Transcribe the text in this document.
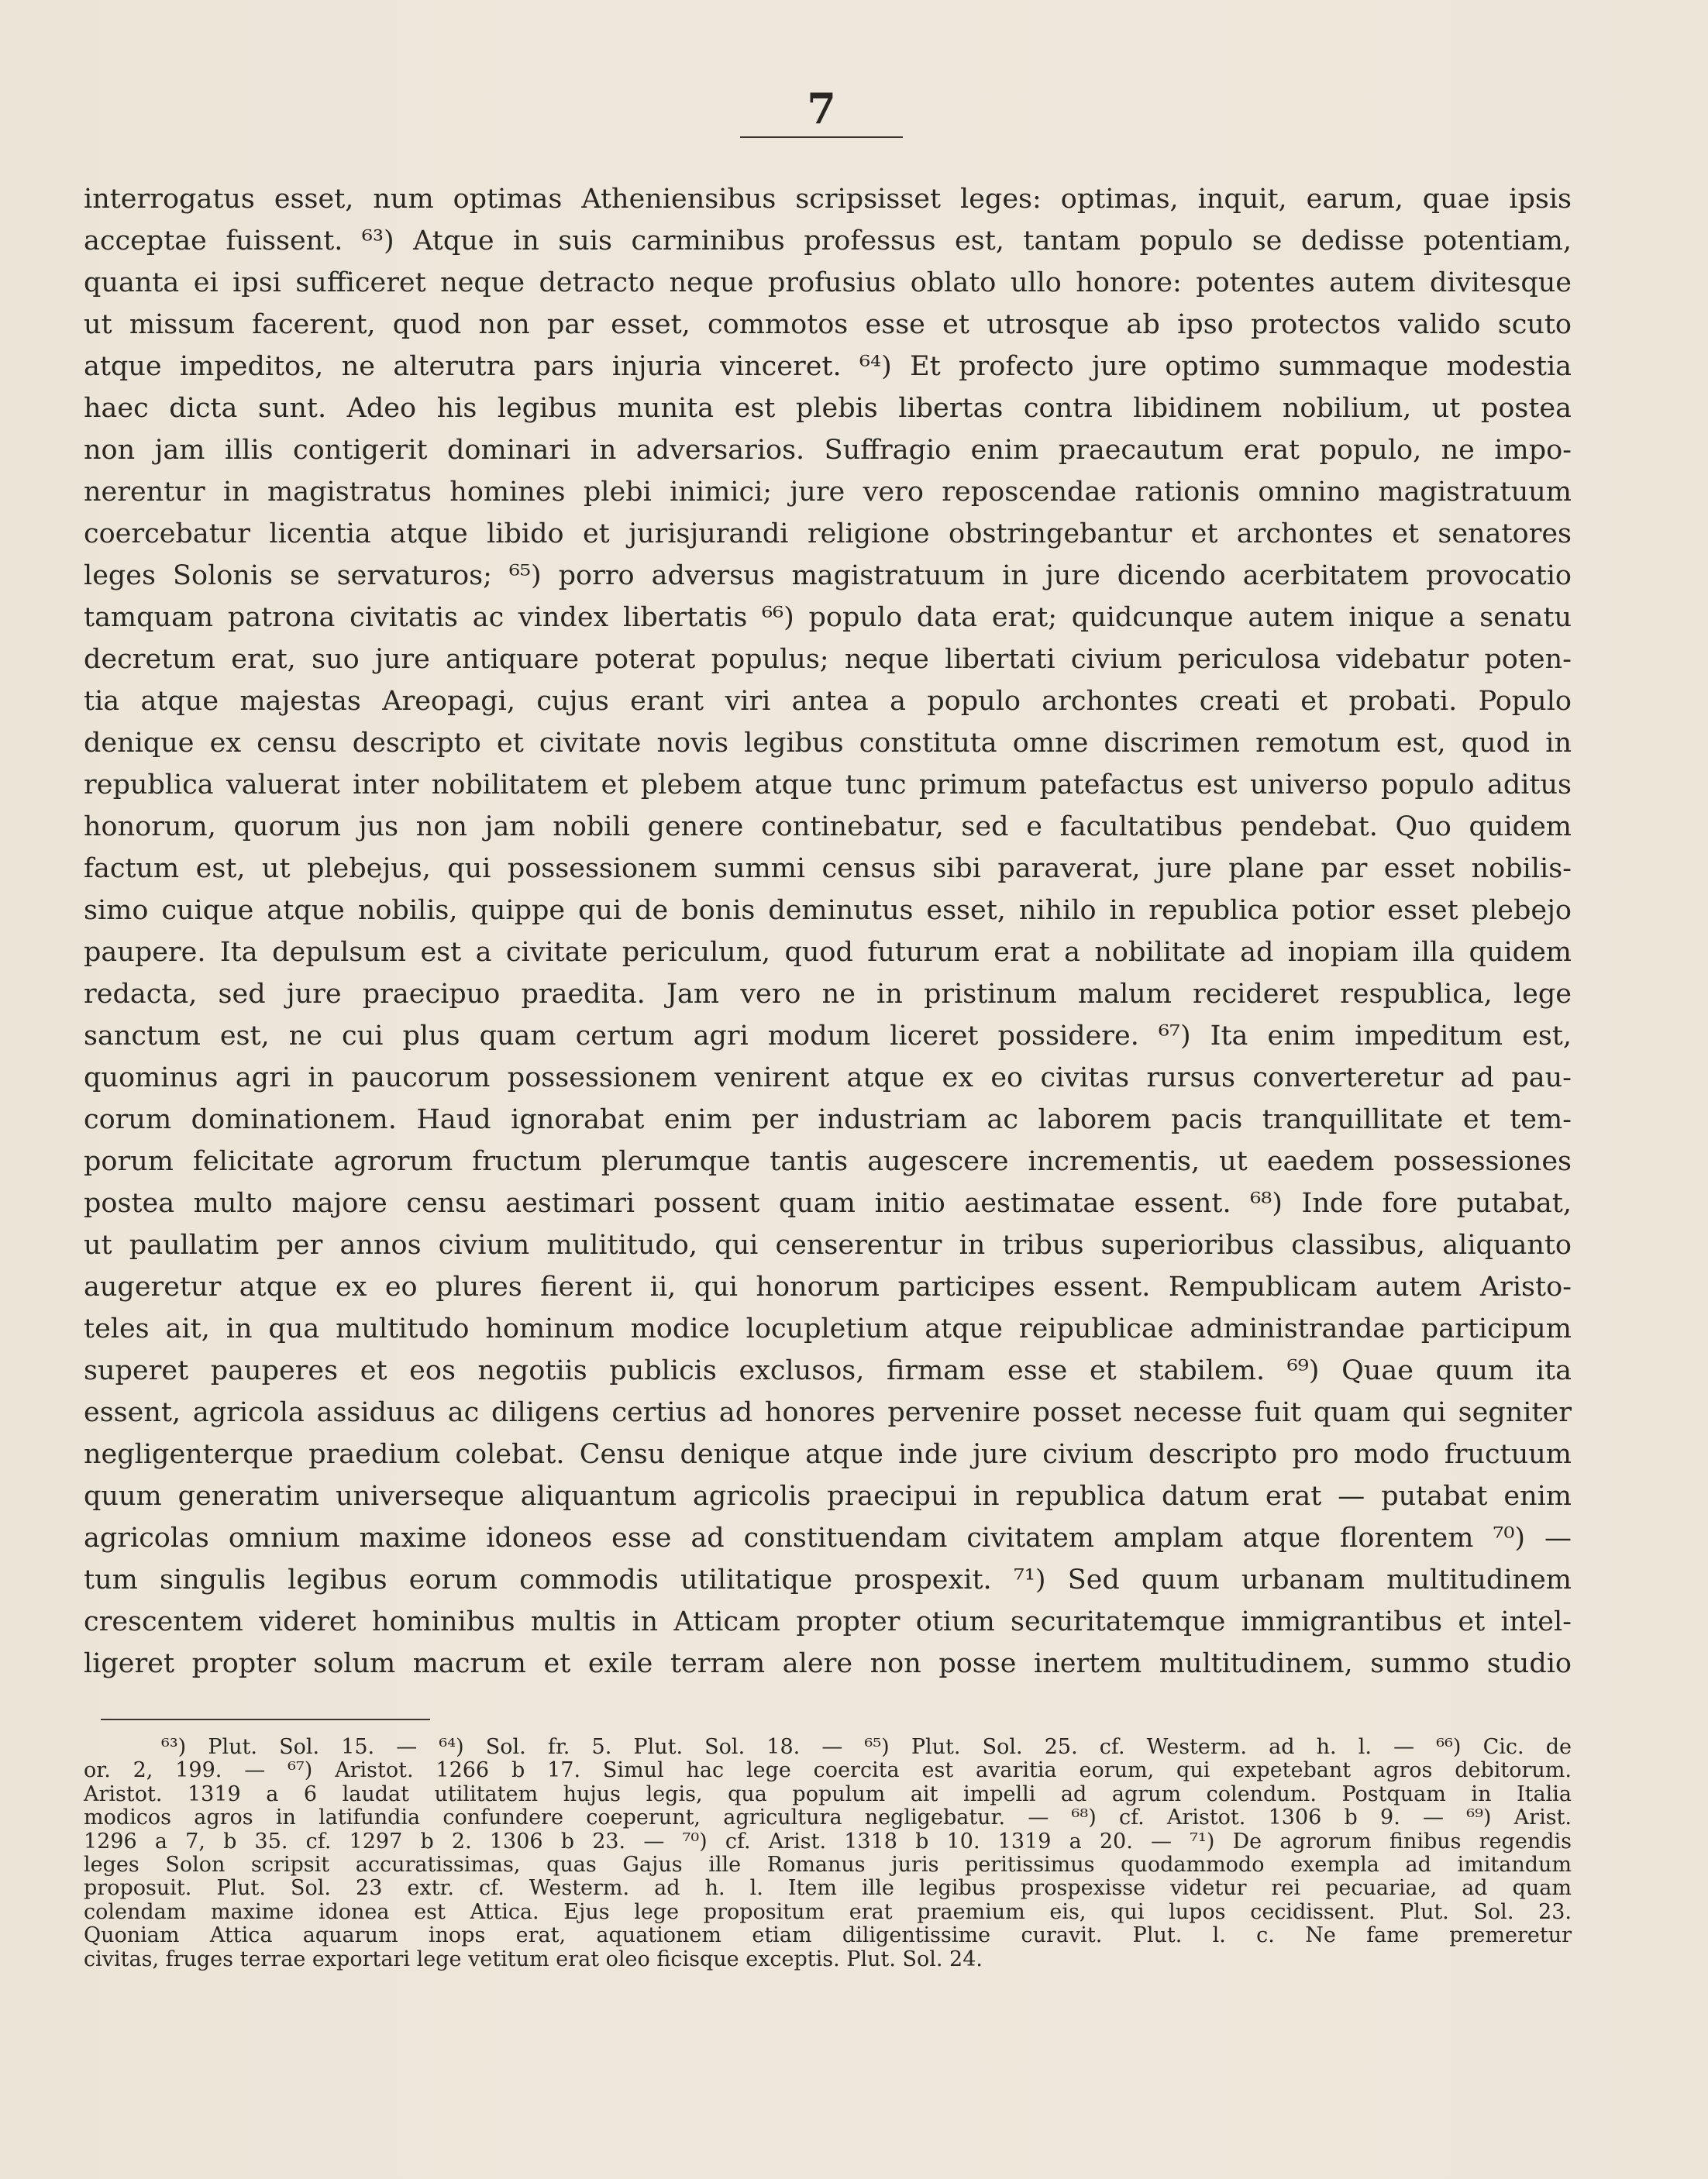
7
interrogatus esset, num optimas Atheniensibus scripsisset leges: optimas, inquit, earum, quae ipsis
acceptae fuissent. ⁶³) Atque in suis carminibus professus est, tantam populo se dedisse potentiam,
quanta ei ipsi sufficeret neque detracto neque profusius oblato ullo honore: potentes autem divitesque
ut missum facerent, quod non par esset, commotos esse et utrosque ab ipso protectos valido scuto
atque impeditos, ne alterutra pars injuria vinceret. ⁶⁴) Et profecto jure optimo summaque modestia
haec dicta sunt. Adeo his legibus munita est plebis libertas contra libidinem nobilium, ut postea
non jam illis contigerit dominari in adversarios. Suffragio enim praecautum erat populo, ne impo-
nerentur in magistratus homines plebi inimici; jure vero reposcendae rationis omnino magistratuum
coercebatur licentia atque libido et jurisjurandi religione obstringebantur et archontes et senatores
leges Solonis se servaturos; ⁶⁵) porro adversus magistratuum in jure dicendo acerbitatem provocatio
tamquam patrona civitatis ac vindex libertatis ⁶⁶) populo data erat; quidcunque autem inique a senatu
decretum erat, suo jure antiquare poterat populus; neque libertati civium periculosa videbatur poten-
tia atque majestas Areopagi, cujus erant viri antea a populo archontes creati et probati. Populo
denique ex censu descripto et civitate novis legibus constituta omne discrimen remotum est, quod in
republica valuerat inter nobilitatem et plebem atque tunc primum patefactus est universo populo aditus
honorum, quorum jus non jam nobili genere continebatur, sed e facultatibus pendebat. Quo quidem
factum est, ut plebejus, qui possessionem summi census sibi paraverat, jure plane par esset nobilis-
simo cuique atque nobilis, quippe qui de bonis deminutus esset, nihilo in republica potior esset plebejo
paupere. Ita depulsum est a civitate periculum, quod futurum erat a nobilitate ad inopiam illa quidem
redacta, sed jure praecipuo praedita. Jam vero ne in pristinum malum recideret respublica, lege
sanctum est, ne cui plus quam certum agri modum liceret possidere. ⁶⁷) Ita enim impeditum est,
quominus agri in paucorum possessionem venirent atque ex eo civitas rursus converteretur ad pau-
corum dominationem. Haud ignorabat enim per industriam ac laborem pacis tranquillitate et tem-
porum felicitate agrorum fructum plerumque tantis augescere incrementis, ut eaedem possessiones
postea multo majore censu aestimari possent quam initio aestimatae essent. ⁶⁸) Inde fore putabat,
ut paullatim per annos civium mulititudo, qui censerentur in tribus superioribus classibus, aliquanto
augeretur atque ex eo plures fierent ii, qui honorum participes essent. Rempublicam autem Aristo-
teles ait, in qua multitudo hominum modice locupletium atque reipublicae administrandae participum
superet pauperes et eos negotiis publicis exclusos, firmam esse et stabilem. ⁶⁹) Quae quum ita
essent, agricola assiduus ac diligens certius ad honores pervenire posset necesse fuit quam qui segniter
negligenterque praedium colebat. Censu denique atque inde jure civium descripto pro modo fructuum
quum generatim universeque aliquantum agricolis praecipui in republica datum erat — putabat enim
agricolas omnium maxime idoneos esse ad constituendam civitatem amplam atque florentem ⁷⁰) —
tum singulis legibus eorum commodis utilitatique prospexit. ⁷¹) Sed quum urbanam multitudinem
crescentem videret hominibus multis in Atticam propter otium securitatemque immigrantibus et intel-
ligeret propter solum macrum et exile terram alere non posse inertem multitudinem, summo studio
⁶³) Plut. Sol. 15. — ⁶⁴) Sol. fr. 5. Plut. Sol. 18. — ⁶⁵) Plut. Sol. 25. cf. Westerm. ad h. l. — ⁶⁶) Cic. de
or. 2, 199. — ⁶⁷) Aristot. 1266 b 17. Simul hac lege coercita est avaritia eorum, qui expetebant agros debitorum.
Aristot. 1319 a 6 laudat utilitatem hujus legis, qua populum ait impelli ad agrum colendum. Postquam in Italia
modicos agros in latifundia confundere coeperunt, agricultura negligebatur. — ⁶⁸) cf. Aristot. 1306 b 9. — ⁶⁹) Arist.
1296 a 7, b 35. cf. 1297 b 2. 1306 b 23. — ⁷⁰) cf. Arist. 1318 b 10. 1319 a 20. — ⁷¹) De agrorum finibus regendis
leges Solon scripsit accuratissimas, quas Gajus ille Romanus juris peritissimus quodammodo exempla ad imitandum
proposuit. Plut. Sol. 23 extr. cf. Westerm. ad h. l. Item ille legibus prospexisse videtur rei pecuariae, ad quam
colendam maxime idonea est Attica. Ejus lege propositum erat praemium eis, qui lupos cecidissent. Plut. Sol. 23.
Quoniam Attica aquarum inops erat, aquationem etiam diligentissime curavit. Plut. l. c. Ne fame premeretur
civitas, fruges terrae exportari lege vetitum erat oleo ficisque exceptis. Plut. Sol. 24.
